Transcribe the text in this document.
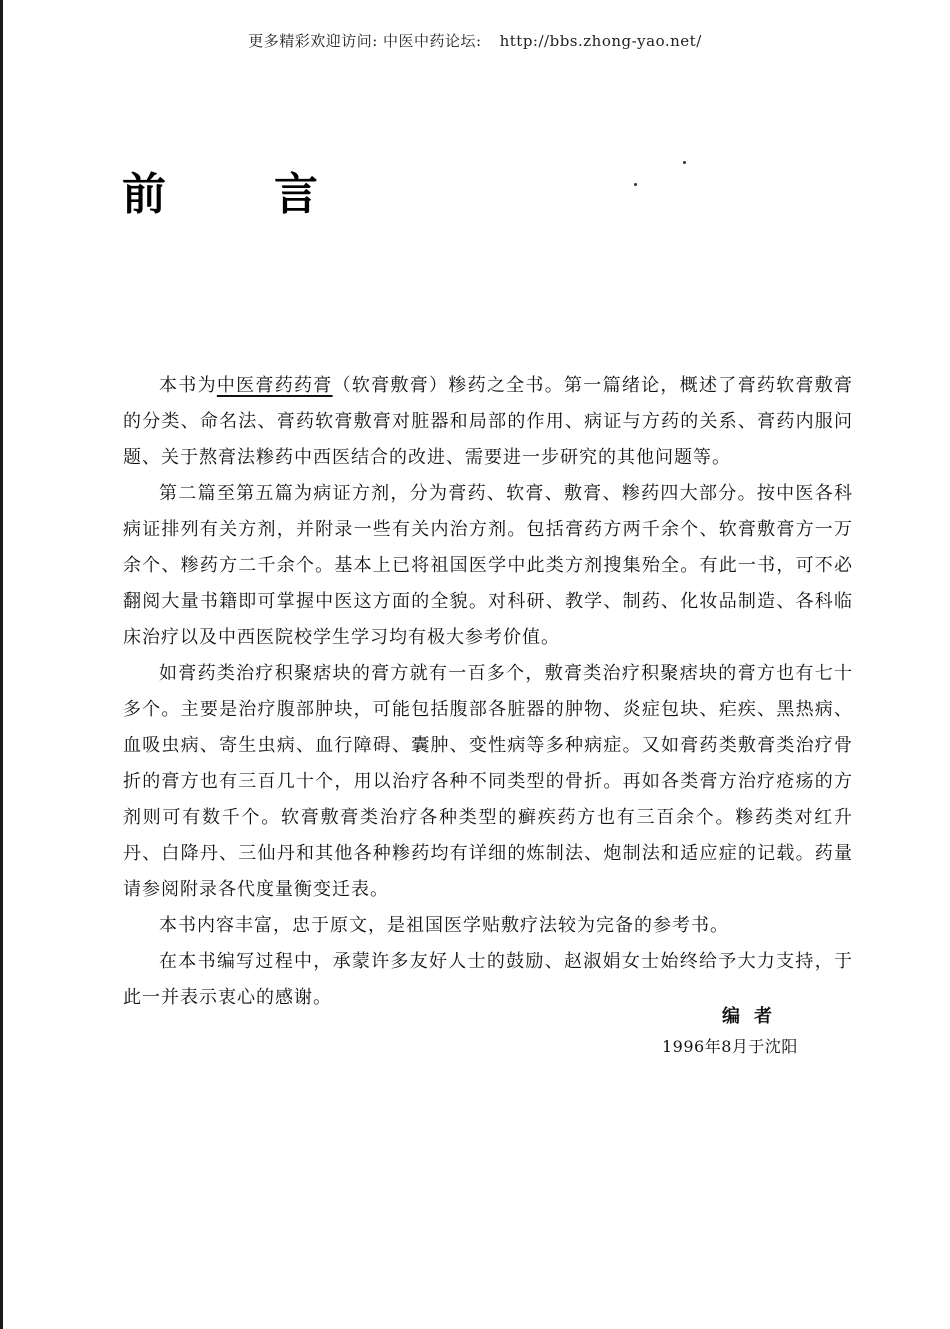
更多精彩欢迎访问: 中医中药论坛: http://bbs.zhong-yao.net/
前言

本书为中医膏药药膏（软膏敷膏）糁药之全书。第一篇绪论，概述了膏药软膏敷膏的分类、命名法、膏药软膏敷膏对脏器和局部的作用、病证与方药的关系、膏药内服问题、关于熬膏法糁药中西医结合的改进、需要进一步研究的其他问题等。

第二篇至第五篇为病证方剂，分为膏药、软膏、敷膏、糁药四大部分。按中医各科病证排列有关方剂，并附录一些有关内治方剂。包括膏药方两千余个、软膏敷膏方一万余个、糁药方二千余个。基本上已将祖国医学中此类方剂搜集殆全。有此一书，可不必翻阅大量书籍即可掌握中医这方面的全貌。对科研、教学、制药、化妆品制造、各科临床治疗以及中西医院校学生学习均有极大参考价值。

如膏药类治疗积聚痞块的膏方就有一百多个，敷膏类治疗积聚痞块的膏方也有七十多个。主要是治疗腹部肿块，可能包括腹部各脏器的肿物、炎症包块、疟疾、黑热病、血吸虫病、寄生虫病、血行障碍、囊肿、变性病等多种病症。又如膏药类敷膏类治疗骨折的膏方也有三百几十个，用以治疗各种不同类型的骨折。再如各类膏方治疗疮疡的方剂则可有数千个。软膏敷膏类治疗各种类型的癣疾药方也有三百余个。糁药类对红升丹、白降丹、三仙丹和其他各种糁药均有详细的炼制法、炮制法和适应症的记载。药量请参阅附录各代度量衡变迁表。

本书内容丰富，忠于原文，是祖国医学贴敷疗法较为完备的参考书。

在本书编写过程中，承蒙许多友好人士的鼓励、赵淑娟女士始终给予大力支持，于此一并表示衷心的感谢。

编者
1996年8月于沈阳
